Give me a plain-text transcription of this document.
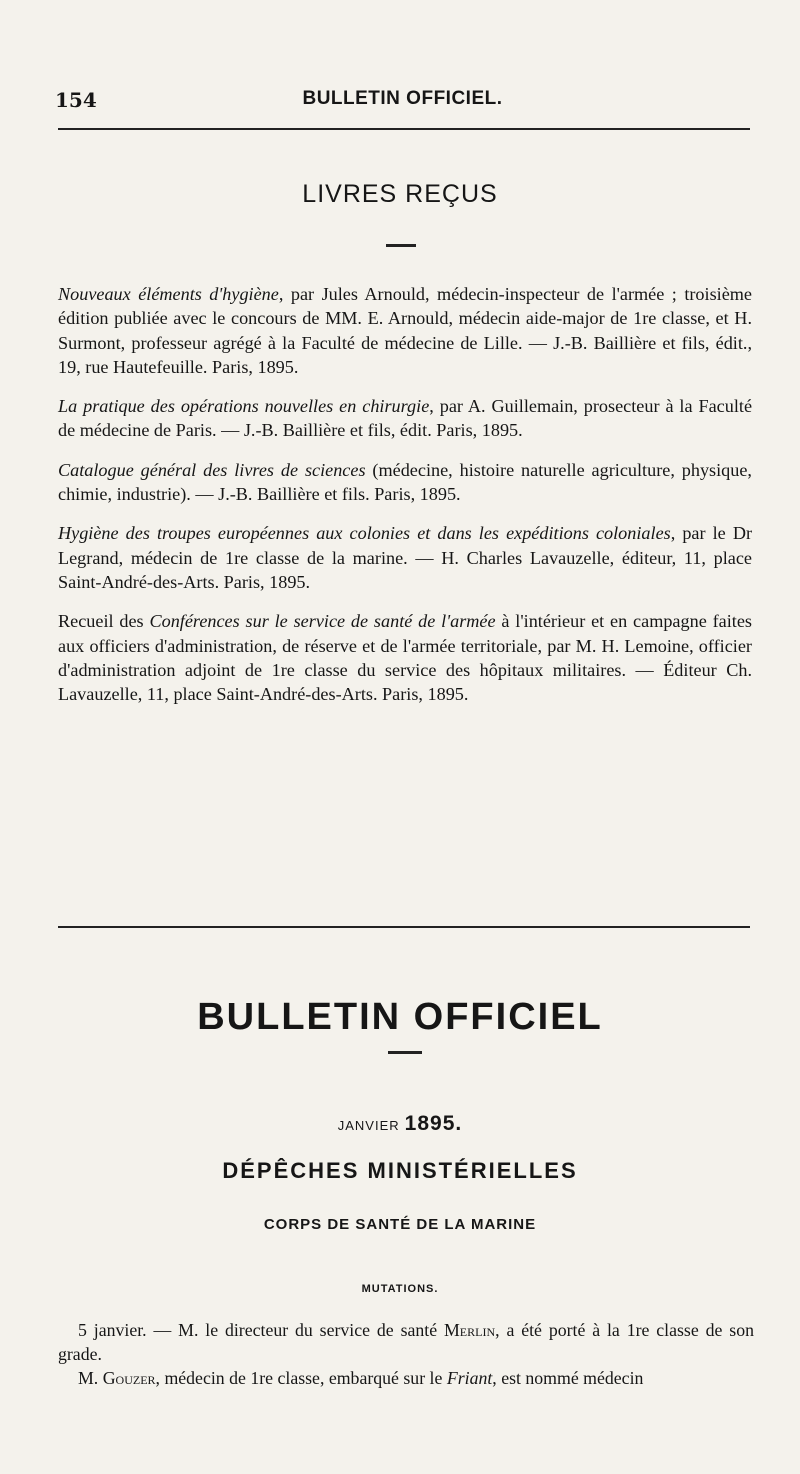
154	BULLETIN OFFICIEL.
LIVRES REÇUS

Nouveaux éléments d'hygiène, par Jules Arnould, médecin-inspecteur de l'armée ; troisième édition publiée avec le concours de MM. E. Arnould, médecin aide-major de 1re classe, et H. Surmont, professeur agrégé à la Faculté de médecine de Lille. — J.-B. Baillière et fils, édit., 19, rue Hautefeuille. Paris, 1895.

La pratique des opérations nouvelles en chirurgie, par A. Guillemain, prosecteur à la Faculté de médecine de Paris. — J.-B. Baillière et fils, édit. Paris, 1895.

Catalogue général des livres de sciences (médecine, histoire naturelle agriculture, physique, chimie, industrie). — J.-B. Baillière et fils. Paris, 1895.

Hygiène des troupes européennes aux colonies et dans les expéditions coloniales, par le Dr Legrand, médecin de 1re classe de la marine. — H. Charles Lavauzelle, éditeur, 11, place Saint-André-des-Arts. Paris, 1895.

Recueil des Conférences sur le service de santé de l'armée à l'intérieur et en campagne faites aux officiers d'administration, de réserve et de l'armée territoriale, par M. H. Lemoine, officier d'administration adjoint de 1re classe du service des hôpitaux militaires. — Éditeur Ch. Lavauzelle, 11, place Saint-André-des-Arts. Paris, 1895.

BULLETIN OFFICIEL
JANVIER 1895.
DÉPÊCHES MINISTÉRIELLES
CORPS DE SANTÉ DE LA MARINE
MUTATIONS.

5 janvier. — M. le directeur du service de santé Merlin, a été porté à la 1re classe de son grade.

M. Gouzer, médecin de 1re classe, embarqué sur le Friant, est nommé médecin
